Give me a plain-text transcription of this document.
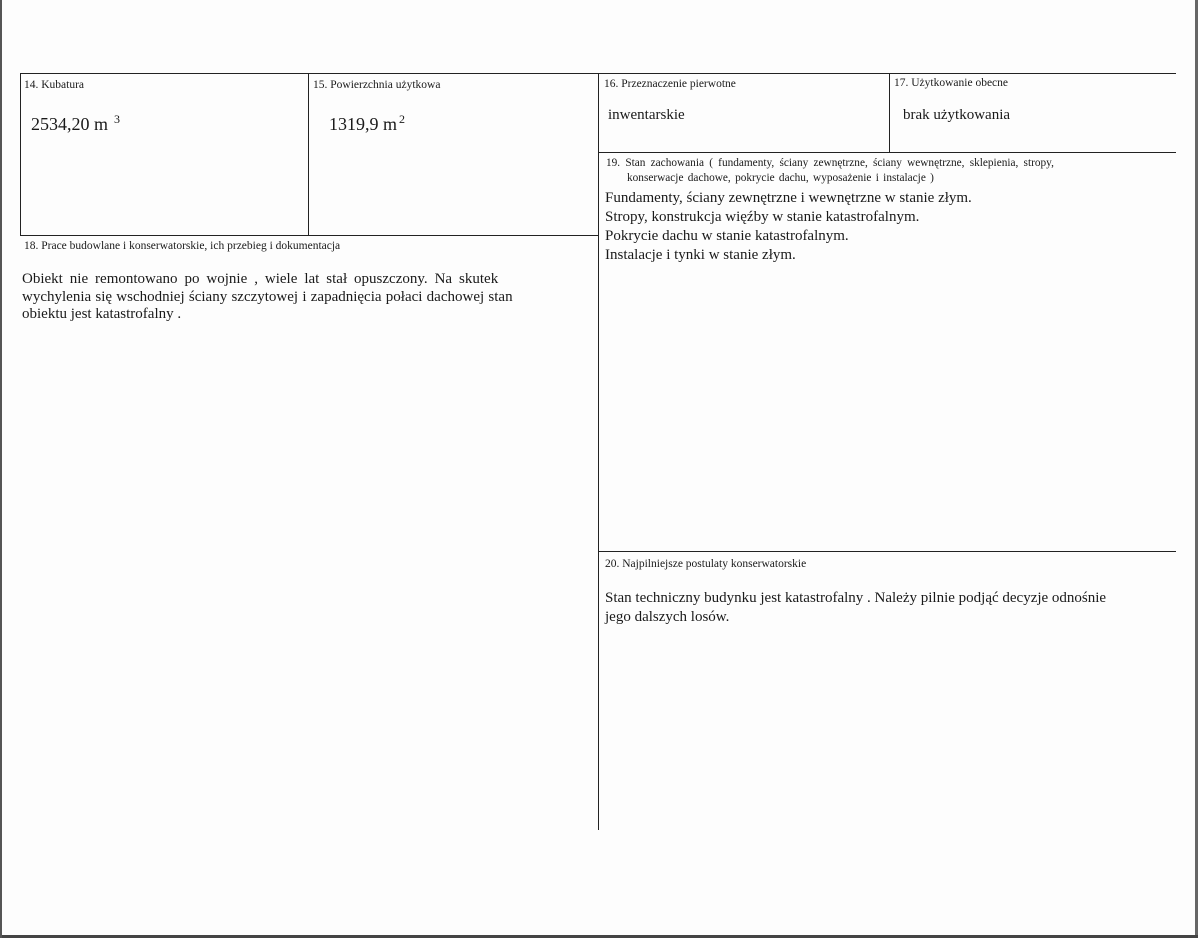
14. Kubatura
2534,20 m $^3$
15. Powierzchnia użytkowa
1319,9 m $^2$
16. Przeznaczenie pierwotne
inwentarskie
17. Użytkowanie obecne
brak użytkowania
18. Prace budowlane i konserwatorskie, ich przebieg i dokumentacja
Obiekt nie remontowano po wojnie , wiele lat stał opuszczony. Na skutek
wychylenia się wschodniej ściany szczytowej i zapadnięcia połaci dachowej stan
obiektu jest katastrofalny .
19. Stan zachowania ( fundamenty, ściany zewnętrzne, ściany wewnętrzne, sklepienia, stropy,
konserwacje dachowe, pokrycie dachu, wyposażenie i instalacje )
Fundamenty, ściany zewnętrzne i wewnętrzne w stanie złym.
Stropy, konstrukcja więźby w stanie katastrofalnym.
Pokrycie dachu w stanie katastrofalnym.
Instalacje i tynki w stanie złym.
20. Najpilniejsze postulaty konserwatorskie
Stan techniczny budynku jest katastrofalny . Należy pilnie podjąć decyzje odnośnie
jego dalszych losów.
